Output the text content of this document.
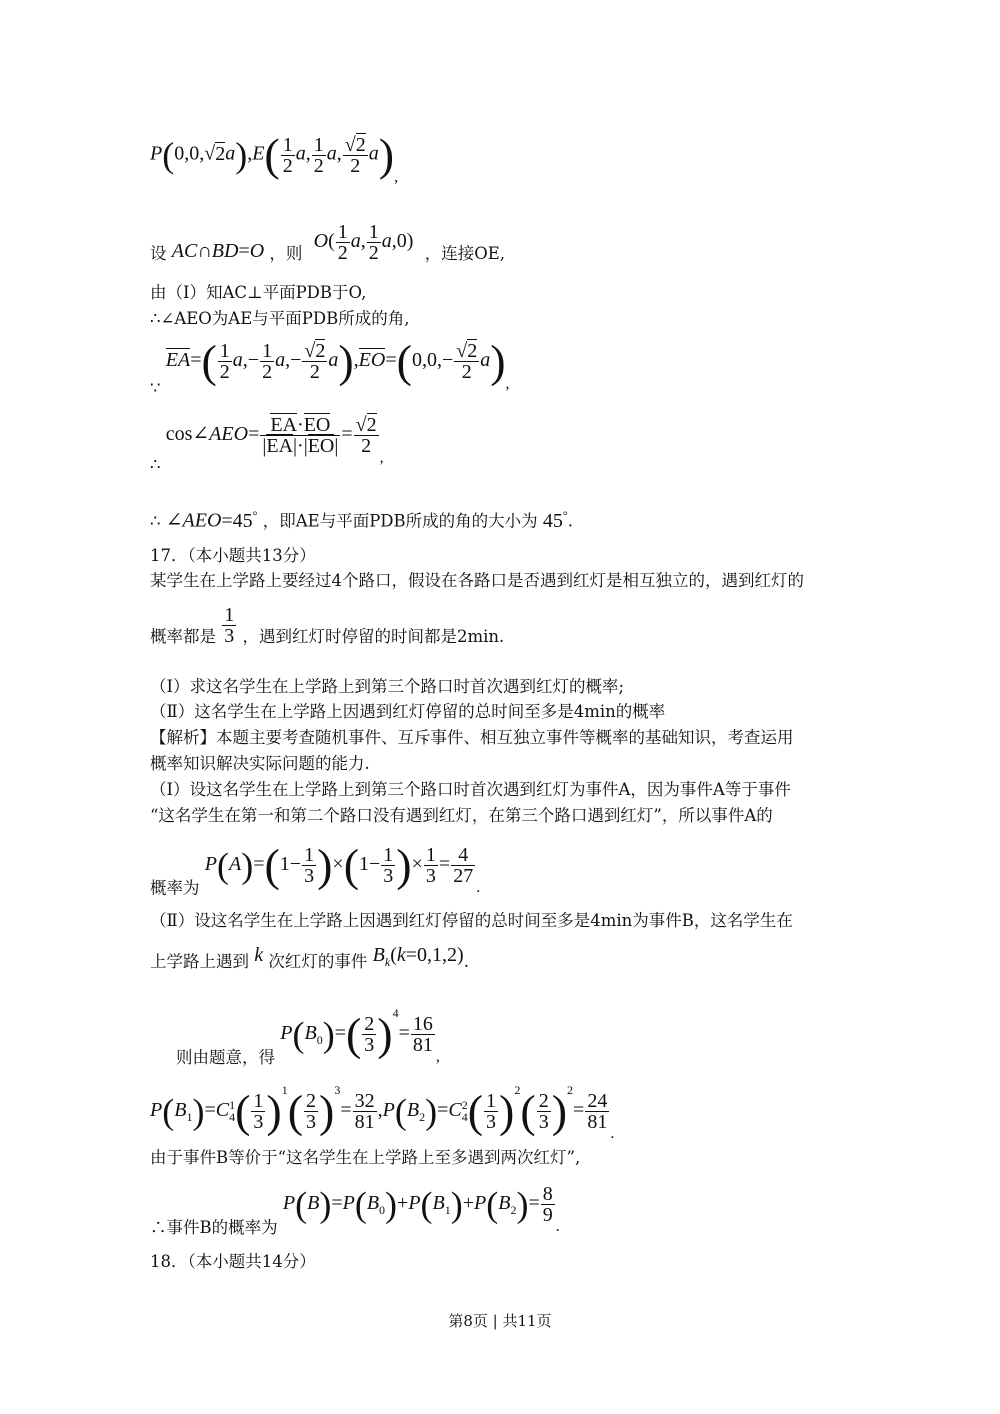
$P(0,0,√2a),E( \frac{1}{2} a$, $\frac{1}{2} a$, $\frac{√2}{2} a)_,$
设 AC∩BD=O ，则 $O( \frac{1}{2} a$, $\frac{1}{2} a,0$) ，连接OE,
由（Ⅰ）知AC⊥平面PDB于O,
∴∠AEO为AE与平面PDB所成的角,
∵ $EA=( \frac{1}{2} a,- \frac{1}{2} a,- \frac{√2}{2} a),EO=(0,0,- \frac{√2}{2} a)_,$
∴ cos∠AEO= $\frac{EA\cdot EO}{|EA|\cdot|EO|} = \frac{√2}{2}$
$_,$
∴ ∠AEO=45° ，即AE与平面PDB所成的角的大小为 45°.
17．（本小题共13分）
某学生在上学路上要经过4个路口，假设在各路口是否遇到红灯是相互独立的，遇到红灯的
概率都是 $\frac{1}{3}$ ，遇到红灯时停留的时间都是2min.
（Ⅰ）求这名学生在上学路上到第三个路口时首次遇到红灯的概率;
（Ⅱ）这名学生在上学路上因遇到红灯停留的总时间至多是4min的概率
【解析】本题主要考查随机事件、互斥事件、相互独立事件等概率的基础知识，考查运用
概率知识解决实际问题的能力.
（Ⅰ）设这名学生在上学路上到第三个路口时首次遇到红灯为事件A，因为事件A等于事件
“这名学生在第一和第二个路口没有遇到红灯，在第三个路口遇到红灯”，所以事件A的
概率为 $P(A)=(1- \frac{1}{3} )\times(1- \frac{1}{3}$ )× $\frac{1}{3} = \frac{4}{27}$
$_.$
（Ⅱ）设这名学生在上学路上因遇到红灯停留的总时间至多是4min为事件B，这名学生在
上学路上遇到 k 次红灯的事件 $B_k(k=0,1,2)$.
则由题意，得 $P(B_0)=( \frac{2}{3} )^4= \frac{16}{81}$
$_,$
$P(B_1)=C$ 1
4 ( $\frac{1}{3} )^1( \frac{2}{3} )^3= \frac{32}{81} ,P(B_2)=C$ 2
4 ( $\frac{1}{3} )^2( \frac{2}{3} )^2= \frac{24}{81}$
$_.$
由于事件B等价于“这名学生在上学路上至多遇到两次红灯”,
∴事件B的概率为 $P(B)=P(B_0)+P(B_1)+P(B_2)= \frac{8}{9}$
$_.$
18．（本小题共14分）
第8页 | 共11页
